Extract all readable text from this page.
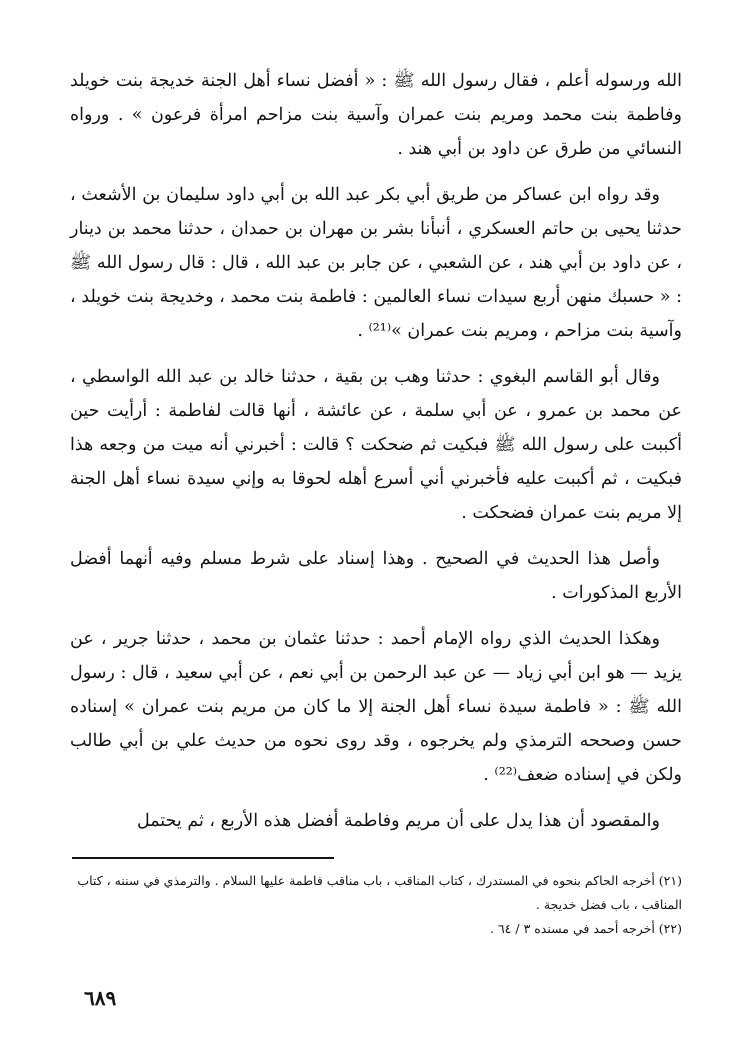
الله ورسوله أعلم ، فقال رسول الله ﷺ : « أفضل نساء أهل الجنة خديجة بنت خويلد وفاطمة بنت محمد ومريم بنت عمران وآسية بنت مزاحم امرأة فرعون » . ورواه النسائي من طرق عن داود بن أبي هند .

وقد رواه ابن عساكر من طريق أبي بكر عبد الله بن أبي داود سليمان بن الأشعث ، حدثنا يحيى بن حاتم العسكري ، أنبأنا بشر بن مهران بن حمدان ، حدثنا محمد بن دينار ، عن داود بن أبي هند ، عن الشعبي ، عن جابر بن عبد الله ، قال : قال رسول الله ﷺ : « حسبك منهن أربع سيدات نساء العالمين : فاطمة بنت محمد ، وخديجة بنت خويلد ، وآسية بنت مزاحم ، ومريم بنت عمران »⁽²¹⁾ .

وقال أبو القاسم البغوي : حدثنا وهب بن بقية ، حدثنا خالد بن عبد الله الواسطي ، عن محمد بن عمرو ، عن أبي سلمة ، عن عائشة ، أنها قالت لفاطمة : أرأيت حين أكببت على رسول الله ﷺ فبكيت ثم ضحكت ؟ قالت : أخبرني أنه ميت من وجعه هذا فبكيت ، ثم أكببت عليه فأخبرني أني أسرع أهله لحوقا به وإني سيدة نساء أهل الجنة إلا مريم بنت عمران فضحكت .

وأصل هذا الحديث في الصحيح . وهذا إسناد على شرط مسلم وفيه أنهما أفضل الأربع المذكورات .

وهكذا الحديث الذي رواه الإمام أحمد : حدثنا عثمان بن محمد ، حدثنا جرير ، عن يزيد — هو ابن أبي زياد — عن عبد الرحمن بن أبي نعم ، عن أبي سعيد ، قال : رسول الله ﷺ : « فاطمة سيدة نساء أهل الجنة إلا ما كان من مريم بنت عمران » إسناده حسن وصححه الترمذي ولم يخرجوه ، وقد روى نحوه من حديث علي بن أبي طالب ولكن في إسناده ضعف⁽²²⁾ .

والمقصود أن هذا يدل على أن مريم وفاطمة أفضل هذه الأربع ، ثم يحتمل

(٢١) أخرجه الحاكم بنحوه في المستدرك ، كتاب المناقب ، باب مناقب فاطمة عليها السلام . والترمذي في سننه ، كتاب المناقب ، باب فضل خديجة .

(٢٢) أخرجه أحمد في مسنده ٣ / ٦٤ .

٦٨٩
